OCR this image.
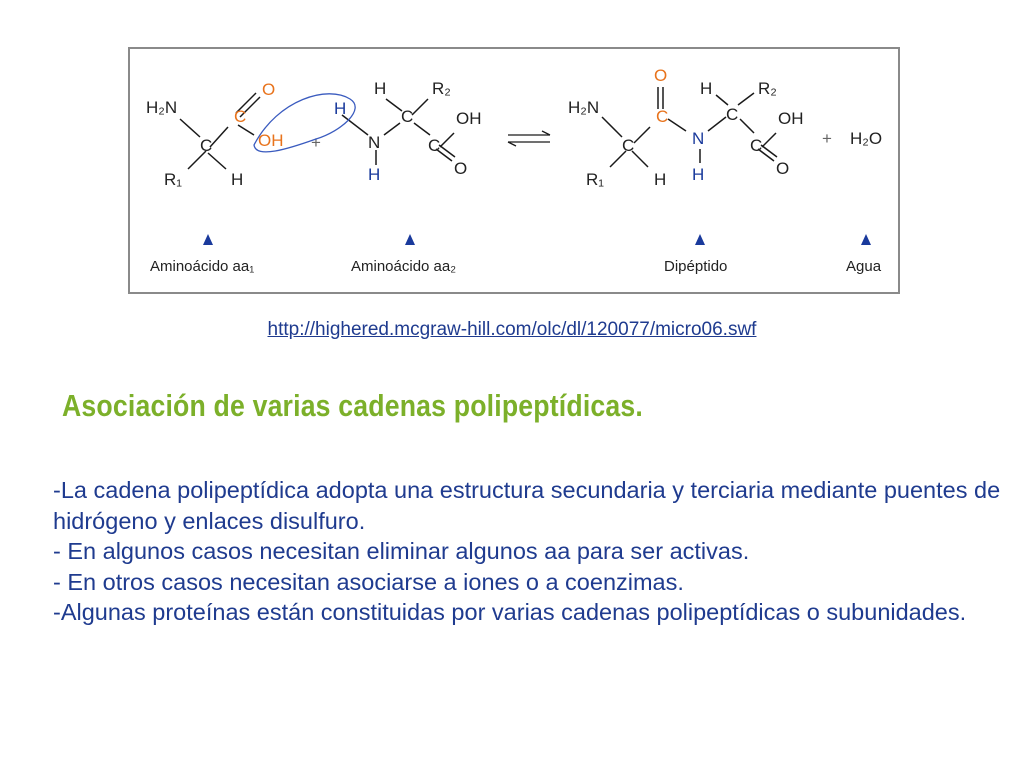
H₂N	C
O
OH
C
R₁	H
+
H	R₂
H	C
N
H
C
OH
O
H₂N
O
C
C
R₁	H
H	R₂
N
H
C
C
OH
O
+ H₂O
Aminoácido aa₁	Aminoácido aa₂	Dipéptido	Agua
http://highered.mcgraw-hill.com/olc/dl/120077/micro06.swf
Asociación de varias cadenas polipeptídicas.
-La cadena polipeptídica adopta una estructura secundaria y terciaria mediante puentes de hidrógeno y enlaces disulfuro.
- En algunos casos necesitan eliminar algunos aa para ser activas.
- En otros casos necesitan asociarse a iones o a coenzimas.
-Algunas proteínas están constituidas por varias cadenas polipeptídicas o subunidades.
